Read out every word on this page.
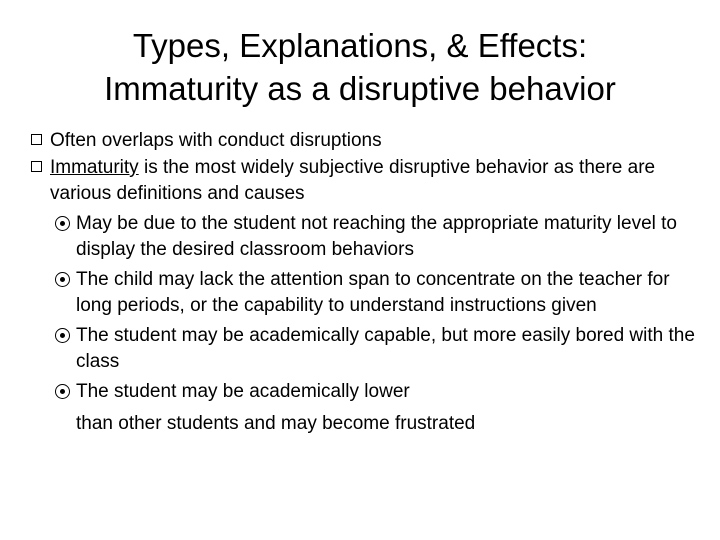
Types, Explanations, & Effects:
Immaturity as a disruptive behavior
Often overlaps with conduct disruptions
Immaturity is the most widely subjective disruptive behavior as there are various definitions and causes
May be due to the student not reaching the appropriate maturity level to display the desired classroom behaviors
The child may lack the attention span to concentrate on the teacher for long periods, or the capability to understand instructions given
The student may be academically capable, but more easily bored with the class
The student may be academically lower
than other students and may become frustrated
